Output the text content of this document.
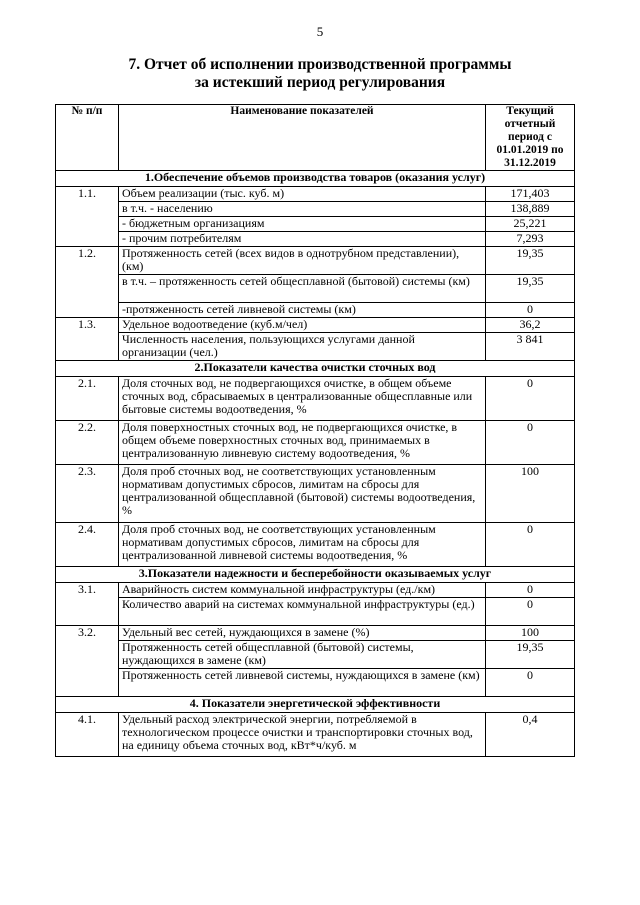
5
7. Отчет об исполнении производственной программы
за истекший период регулирования
№ п/п	Наименование показателей	Текущий отчетный период с 01.01.2019 по 31.12.2019
1.Обеспечение объемов производства товаров (оказания услуг)		
1.1.	Объем реализации (тыс. куб. м)	171,403
	в т.ч. - населению	138,889
	- бюджетным организациям	25,221
	- прочим потребителям	7,293
1.2.	Протяженность сетей (всех видов в однотрубном представлении), (км)	19,35
	в т.ч. – протяженность сетей общесплавной (бытовой) системы (км)	19,35
	-протяженность сетей ливневой системы (км)	0
1.3.	Удельное водоотведение (куб.м/чел)	36,2
	Численность населения, пользующихся услугами данной организации (чел.)	3 841
2.Показатели качества очистки сточных вод		
2.1.	Доля сточных вод, не подвергающихся очистке, в общем объеме сточных вод, сбрасываемых в централизованные общесплавные или бытовые системы водоотведения, %	0
2.2.	Доля поверхностных сточных вод, не подвергающихся очистке, в общем объеме поверхностных сточных вод, принимаемых в централизованную ливневую систему водоотведения, %	0
2.3.	Доля проб сточных вод, не соответствующих установленным нормативам допустимых сбросов, лимитам на сбросы для централизованной общесплавной (бытовой) системы водоотведения, %	100
2.4.	Доля проб сточных вод, не соответствующих установленным нормативам допустимых сбросов, лимитам на сбросы для централизованной ливневой системы водоотведения, %	0
3.Показатели надежности и бесперебойности оказываемых услуг		
3.1.	Аварийность систем коммунальной инфраструктуры (ед./км)	0
	Количество аварий на системах коммунальной инфраструктуры (ед.)	0
3.2.	Удельный вес сетей, нуждающихся в замене (%)	100
	Протяженность сетей общесплавной (бытовой) системы, нуждающихся в замене (км)	19,35
	Протяженность сетей ливневой системы, нуждающихся в замене (км)	0
4. Показатели энергетической эффективности		
4.1.	Удельный расход электрической энергии, потребляемой в технологическом процессе очистки и транспортировки сточных вод, на единицу объема сточных вод, кВт*ч/куб. м	0,4
